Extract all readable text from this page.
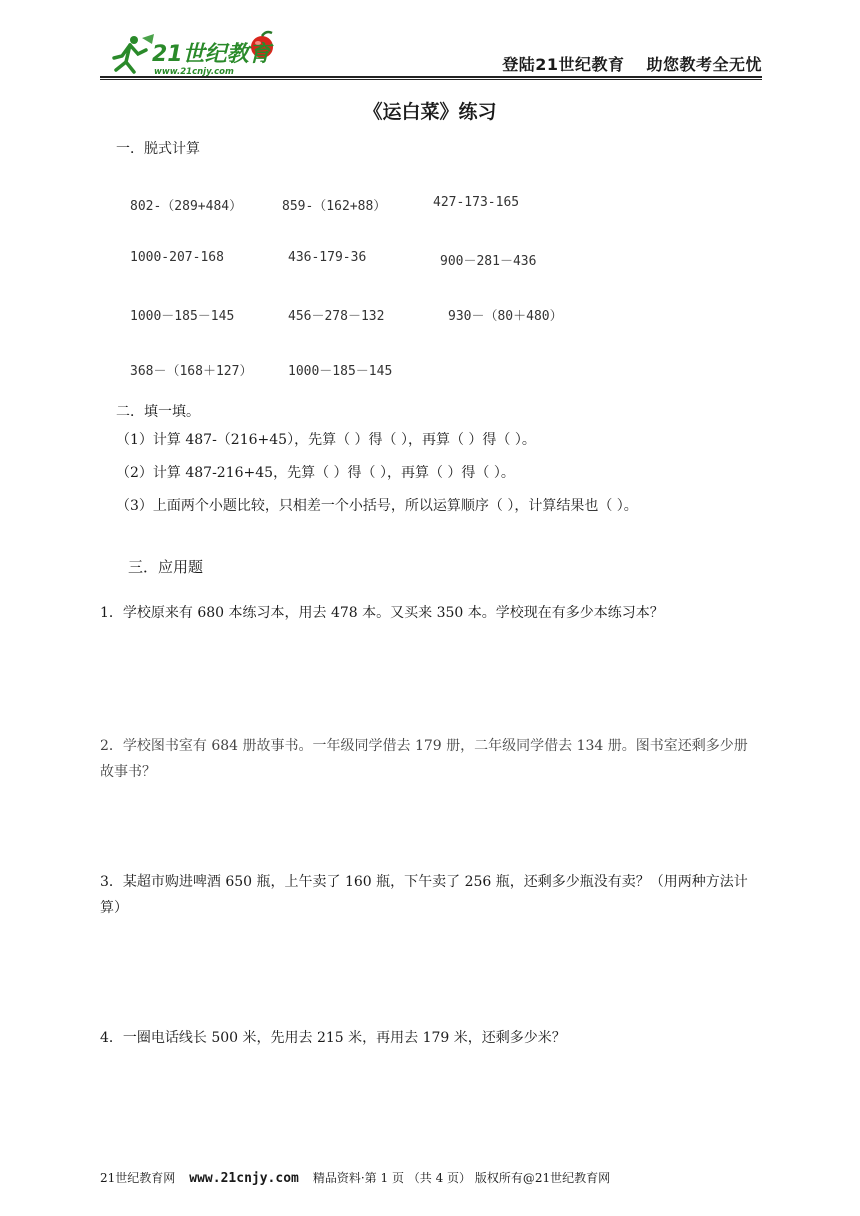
21世纪教育
www.21cnjy.com	登陆21世纪教育 助您教考全无忧
《运白菜》练习
一．脱式计算
802-（289+484）	859-（162+88）	427-173-165
1000-207-168	436-179-36	900－281－436
1000－185－145	456－278－132	930－（80＋480）
368－（168＋127）	1000－185－145
二．填一填。
（1）计算 487-（216+45），先算（ ）得（ ），再算（ ）得（ ）。
（2）计算 487-216+45，先算（ ）得（ ），再算（ ）得（ ）。
（3）上面两个小题比较，只相差一个小括号，所以运算顺序（ ），计算结果也（ ）。
三．应用题
1．学校原来有 680 本练习本，用去 478 本。又买来 350 本。学校现在有多少本练习本？
2．学校图书室有 684 册故事书。一年级同学借去 179 册，二年级同学借去 134 册。图书室还剩多少册故事书？
3．某超市购进啤酒 650 瓶，上午卖了 160 瓶，下午卖了 256 瓶，还剩多少瓶没有卖？（用两种方法计算）
4．一圈电话线长 500 米，先用去 215 米，再用去 179 米，还剩多少米？
21世纪教育网 www.21cnjy.com 精品资料·第 1 页 （共 4 页） 版权所有@21世纪教育网
